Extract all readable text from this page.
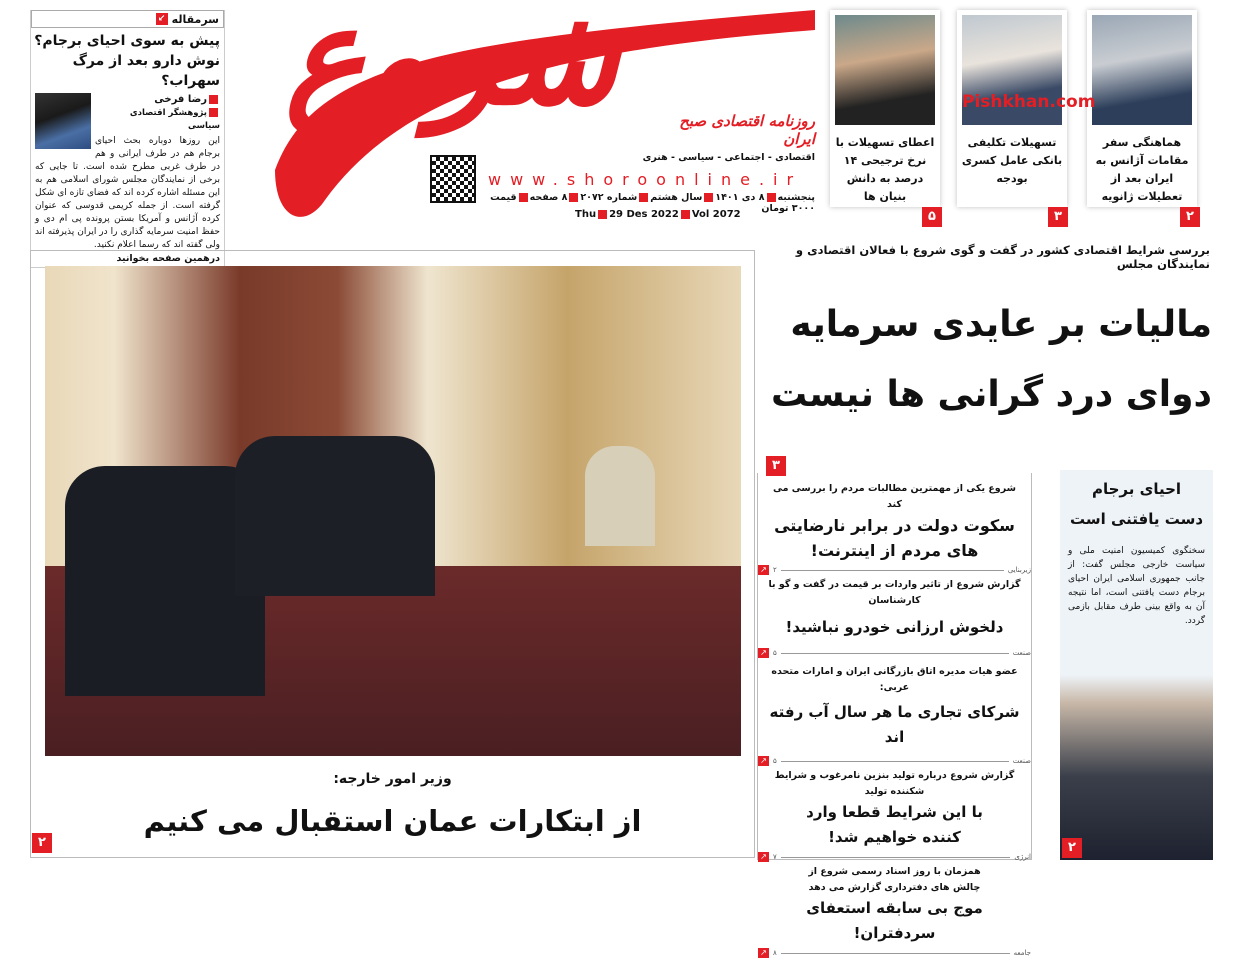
↙ سرمقاله
پیش به سوی احیای برجام؟
نوش دارو بعد از مرگ سهراب؟
رضا فرخی
پژوهشگر اقتصادی سیاسی
این روزها دوباره بحث احیای برجام هم در طرف ایرانی و هم در طرف غربی مطرح شده است. تا جایی که برخی از نمایندگان مجلس شورای اسلامی هم به این مسئله اشاره کرده اند که فضای تازه ای شکل گرفته است. از جمله کریمی قدوسی که عنوان کرده آژانس و آمریکا بستن پرونده پی ام دی و حفظ امنیت سرمایه گذاری را در ایران پذیرفته اند ولی گفته اند که رسما اعلام نکنید.
درهمین صفحه بخوانید
شروع	روزنامه اقتصادی صبح ایران
اقتصادی - اجتماعی - سیاسی - هنری
www.shoroonline.ir
پنجشنبه۸ دی ۱۴۰۱سال هشتمشماره ۲۰۷۲۸ صفحهقیمت ۳۰۰۰ تومان
Thu 29 Des 2022 Vol 2072
هماهنگی سفر مقامات آژانس به ایران بعد از تعطیلات ژانویه
۲
تسهیلات تکلیفی بانکی عامل کسری بودجه
۳
اعطای تسهیلات با نرخ ترجیحی ۱۴ درصد به دانش بنیان ها
۵
Pishkhan.com
بررسی شرایط اقتصادی کشور در گفت و گوی شروع با فعالان اقتصادی و نمایندگان مجلس
مالیات بر عایدی سرمایه
دوای درد گرانی ها نیست
۳
وزیر امور خارجه:
از ابتکارات عمان استقبال می کنیم
۲
شروع یکی از مهمترین مطالبات مردم را بررسی می کند
سکوت دولت در برابر نارضایتی های مردم از اینترنت!
زیربنایی
۲
↗
گزارش شروع از تاثیر واردات بر قیمت در گفت و گو با کارشناسان
دلخوش ارزانی خودرو نباشید!
صنعت
۵
↗
عضو هیات مدیره اتاق بازرگانی ایران و امارات متحده عربی:
شرکای تجاری ما هر سال آب رفته اند
صنعت
۵
↗
گزارش شروع درباره تولید بنزین نامرغوب و شرایط شکننده تولید
با این شرایط قطعا وارد کننده خواهیم شد!
انرژی
۷
↗
همزمان با روز اسناد رسمی شروع از چالش های دفترداری گزارش می دهد
موج بی سابقه استعفای سردفتران!
جامعه
۸
↗
احیای برجام
دست یافتنی است
سخنگوی کمیسیون امنیت ملی و سیاست خارجی مجلس گفت: از جانب جمهوری اسلامی ایران احیای برجام دست یافتنی است، اما نتیجه آن به واقع بینی طرف مقابل بازمی گردد.
۲
